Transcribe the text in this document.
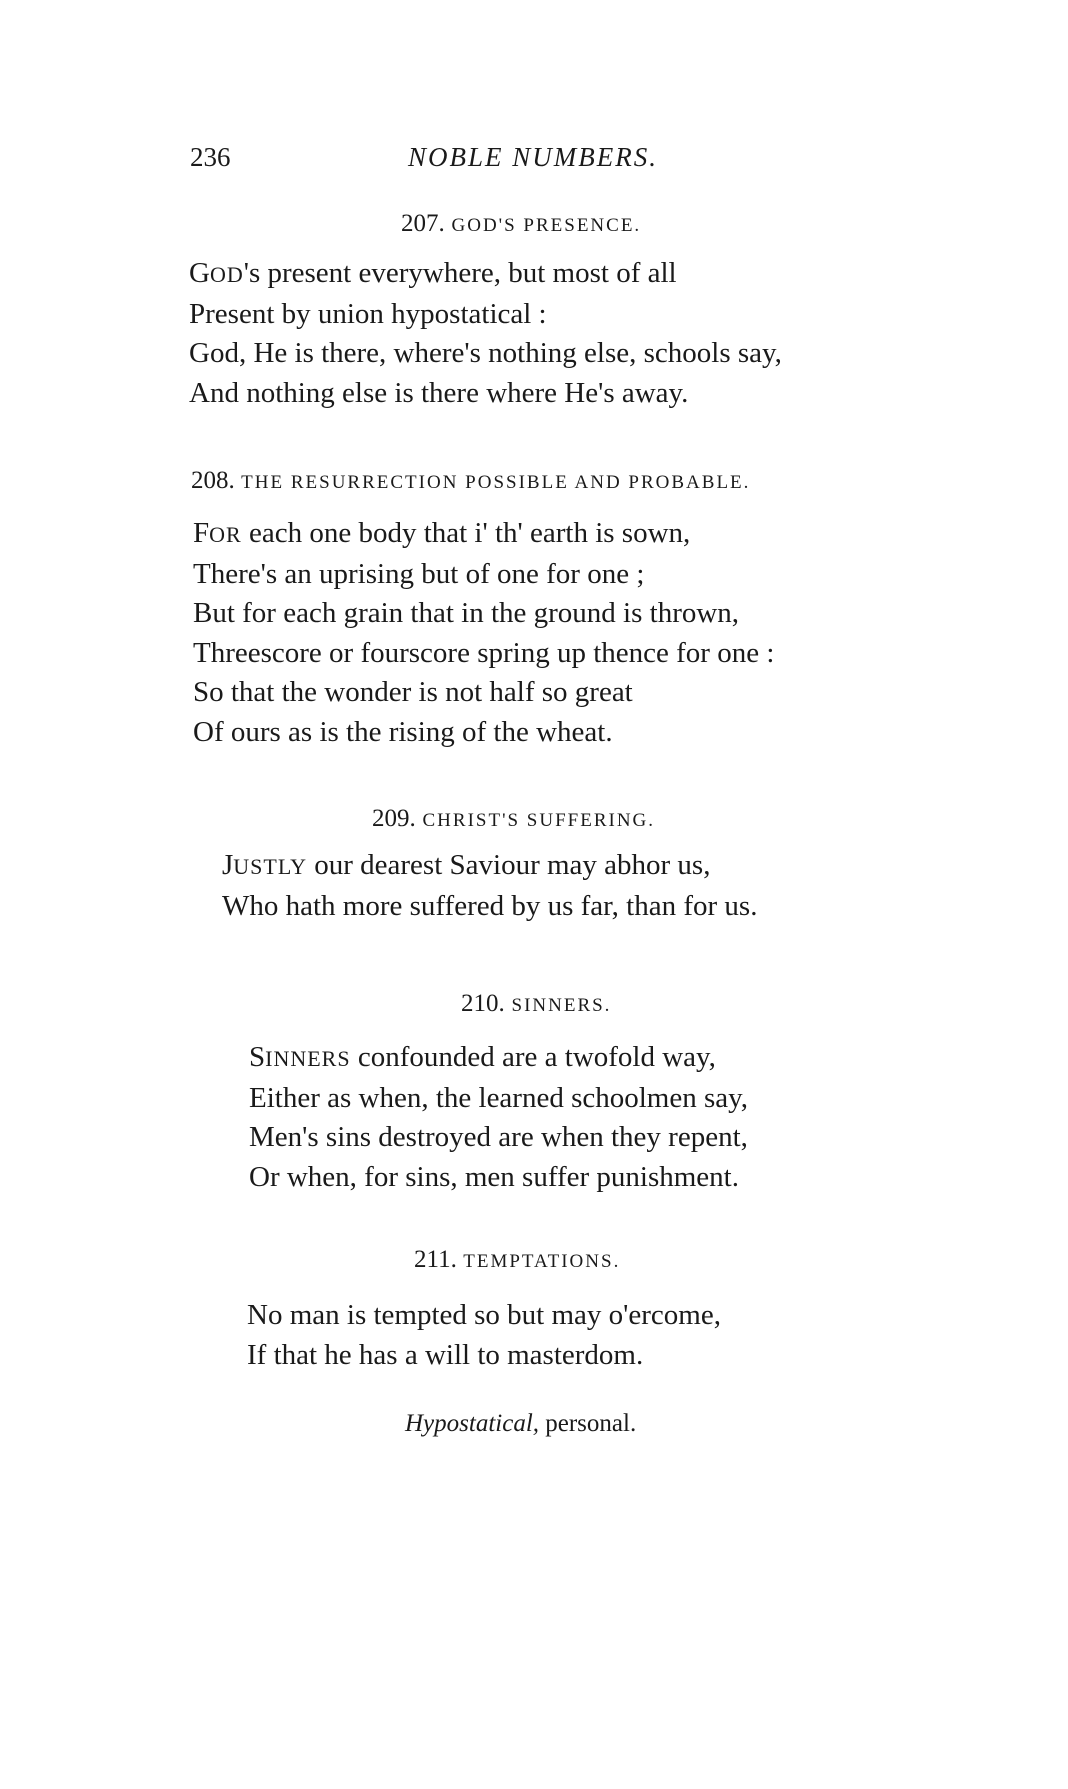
236	NOBLE NUMBERS.
207. GOD'S PRESENCE.
GOD's present everywhere, but most of all
Present by union hypostatical :
God, He is there, where's nothing else, schools say,
And nothing else is there where He's away.
208. THE RESURRECTION POSSIBLE AND PROBABLE.
FOR each one body that i' th' earth is sown,
There's an uprising but of one for one ;
But for each grain that in the ground is thrown,
Threescore or fourscore spring up thence for one :
So that the wonder is not half so great
Of ours as is the rising of the wheat.
209. CHRIST'S SUFFERING.
JUSTLY our dearest Saviour may abhor us,
Who hath more suffered by us far, than for us.
210. SINNERS.
SINNERS confounded are a twofold way,
Either as when, the learned schoolmen say,
Men's sins destroyed are when they repent,
Or when, for sins, men suffer punishment.
211. TEMPTATIONS.
No man is tempted so but may o'ercome,
If that he has a will to masterdom.
Hypostatical, personal.
